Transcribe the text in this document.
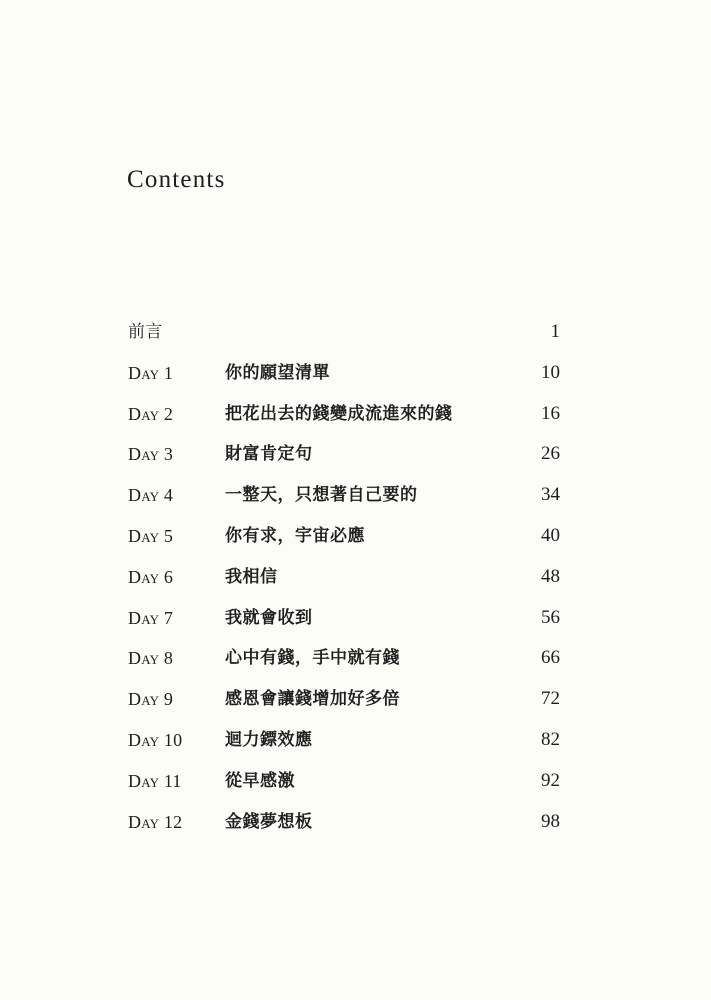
Contents
前言	1
Day 1	你的願望清單	10
Day 2	把花出去的錢變成流進來的錢	16
Day 3	財富肯定句	26
Day 4	一整天，只想著自己要的	34
Day 5	你有求，宇宙必應	40
Day 6	我相信	48
Day 7	我就會收到	56
Day 8	心中有錢，手中就有錢	66
Day 9	感恩會讓錢增加好多倍	72
Day 10	迴力鏢效應	82
Day 11	從早感激	92
Day 12	金錢夢想板	98
